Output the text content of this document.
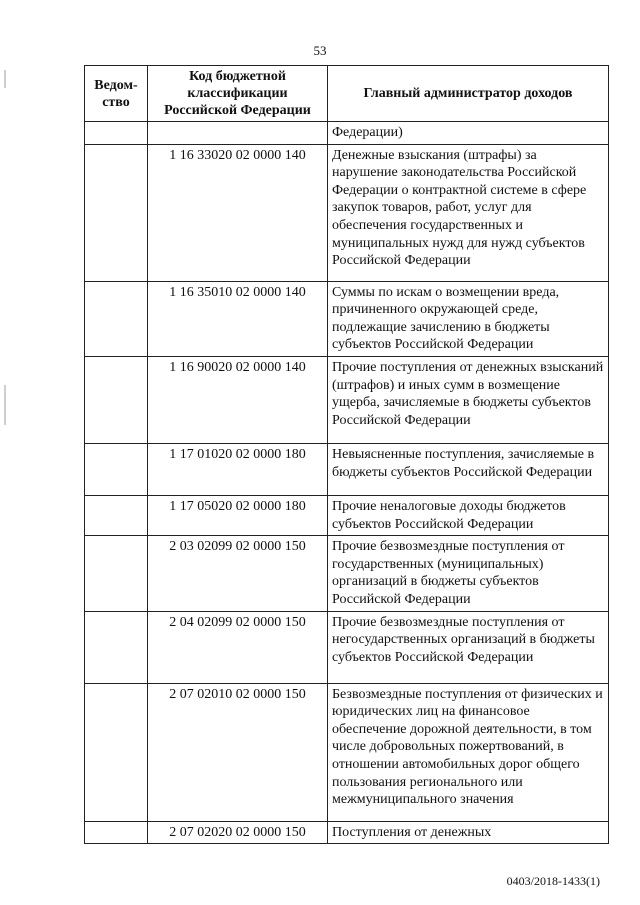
53
Ведом-ство	Код бюджетной классификации Российской Федерации	Главный администратор доходов
		Федерации)
	1 16 33020 02 0000 140	Денежные взыскания (штрафы) за нарушение законодательства Российской Федерации о контрактной системе в сфере закупок товаров, работ, услуг для обеспечения государственных и муниципальных нужд для нужд субъектов Российской Федерации
	1 16 35010 02 0000 140	Суммы по искам о возмещении вреда, причиненного окружающей среде, подлежащие зачислению в бюджеты субъектов Российской Федерации
	1 16 90020 02 0000 140	Прочие поступления от денежных взысканий (штрафов) и иных сумм в возмещение ущерба, зачисляемые в бюджеты субъектов Российской Федерации
	1 17 01020 02 0000 180	Невыясненные поступления, зачисляемые в бюджеты субъектов Российской Федерации
	1 17 05020 02 0000 180	Прочие неналоговые доходы бюджетов субъектов Российской Федерации
	2 03 02099 02 0000 150	Прочие безвозмездные поступления от государственных (муниципальных) организаций в бюджеты субъектов Российской Федерации
	2 04 02099 02 0000 150	Прочие безвозмездные поступления от негосударственных организаций в бюджеты субъектов Российской Федерации
	2 07 02010 02 0000 150	Безвозмездные поступления от физических и юридических лиц на финансовое обеспечение дорожной деятельности, в том числе добровольных пожертвований, в отношении автомобильных дорог общего пользования регионального или межмуниципального значения
	2 07 02020 02 0000 150	Поступления от денежных
0403/2018-1433(1)
